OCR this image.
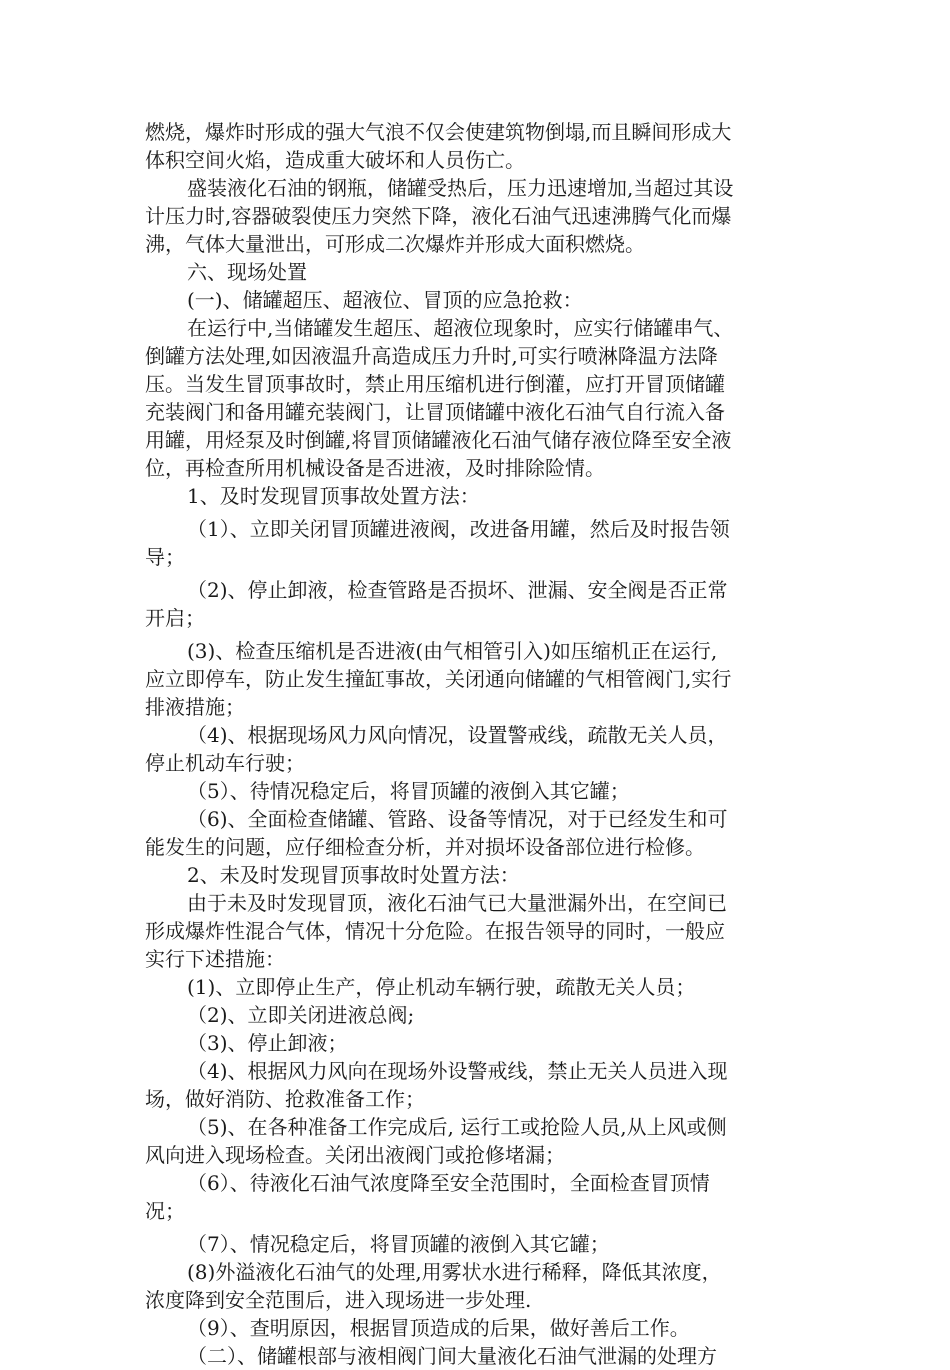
燃烧，爆炸时形成的强大气浪不仅会使建筑物倒塌,而且瞬间形成大
体积空间火焰，造成重大破坏和人员伤亡。
盛装液化石油的钢瓶，储罐受热后，压力迅速增加,当超过其设
计压力时,容器破裂使压力突然下降，液化石油气迅速沸腾气化而爆
沸，气体大量泄出，可形成二次爆炸并形成大面积燃烧。
六、现场处置
(一)、储罐超压、超液位、冒顶的应急抢救：
在运行中,当储罐发生超压、超液位现象时，应实行储罐串气、
倒罐方法处理,如因液温升高造成压力升时,可实行喷淋降温方法降
压。当发生冒顶事故时，禁止用压缩机进行倒灌，应打开冒顶储罐
充装阀门和备用罐充装阀门，让冒顶储罐中液化石油气自行流入备
用罐，用烃泵及时倒罐,将冒顶储罐液化石油气储存液位降至安全液
位，再检查所用机械设备是否进液，及时排除险情。
1、及时发现冒顶事故处置方法：
（1）、立即关闭冒顶罐进液阀，改进备用罐，然后及时报告领
导；
（2)、停止卸液，检查管路是否损坏、泄漏、安全阀是否正常
开启；
(3)、检查压缩机是否进液(由气相管引入)如压缩机正在运行,
应立即停车，防止发生撞缸事故，关闭通向储罐的气相管阀门,实行
排液措施；
（4)、根据现场风力风向情况，设置警戒线，疏散无关人员，
停止机动车行驶；
（5）、待情况稳定后，将冒顶罐的液倒入其它罐；
（6)、全面检查储罐、管路、设备等情况，对于已经发生和可
能发生的问题，应仔细检查分析，并对损坏设备部位进行检修。
2、未及时发现冒顶事故时处置方法：
由于未及时发现冒顶，液化石油气已大量泄漏外出，在空间已
形成爆炸性混合气体，情况十分危险。在报告领导的同时，一般应
实行下述措施：
(1)、立即停止生产，停止机动车辆行驶，疏散无关人员；
（2)、立即关闭进液总阀;
（3)、停止卸液；
（4)、根据风力风向在现场外设警戒线，禁止无关人员进入现
场，做好消防、抢救准备工作；
（5)、在各种准备工作完成后, 运行工或抢险人员,从上风或侧
风向进入现场检查。关闭出液阀门或抢修堵漏；
（6）、待液化石油气浓度降至安全范围时，全面检查冒顶情
况；
（7）、情况稳定后，将冒顶罐的液倒入其它罐；
(8)外溢液化石油气的处理,用雾状水进行稀释，降低其浓度，
浓度降到安全范围后，进入现场进一步处理.
（9）、查明原因，根据冒顶造成的后果，做好善后工作。
（二）、储罐根部与液相阀门间大量液化石油气泄漏的处理方
